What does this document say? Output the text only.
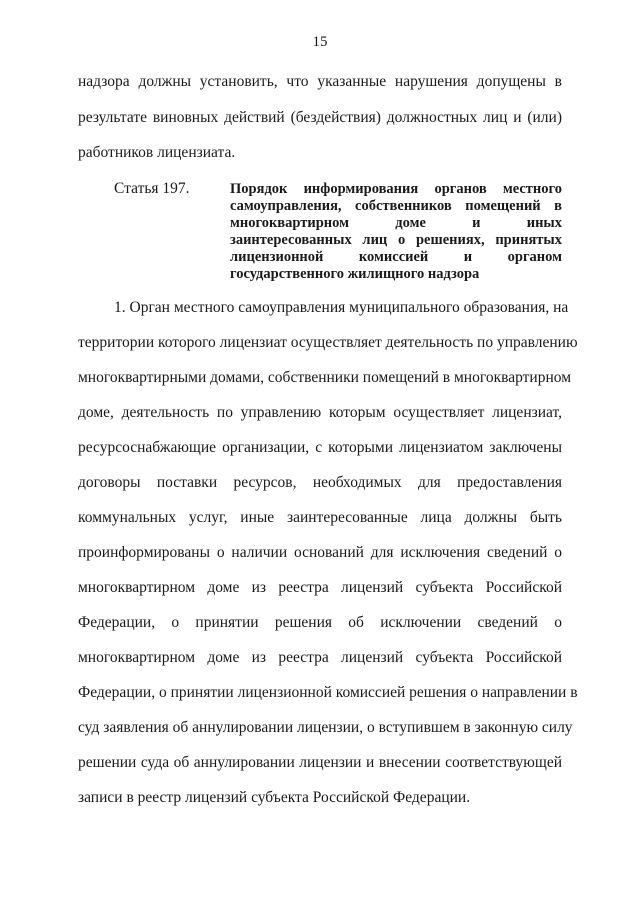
15
надзора должны установить, что указанные нарушения допущены в
результате виновных действий (бездействия) должностных лиц и (или)
работников лицензиата.
Статья 197.	Порядок информирования органов местного
самоуправления, собственников помещений в
многоквартирном доме и иных
заинтересованных лиц о решениях, принятых
лицензионной комиссией и органом
государственного жилищного надзора
1. Орган местного самоуправления муниципального образования, на
территории которого лицензиат осуществляет деятельность по управлению
многоквартирными домами, собственники помещений в многоквартирном
доме, деятельность по управлению которым осуществляет лицензиат,
ресурсоснабжающие организации, с которыми лицензиатом заключены
договоры поставки ресурсов, необходимых для предоставления
коммунальных услуг, иные заинтересованные лица должны быть
проинформированы о наличии оснований для исключения сведений о
многоквартирном доме из реестра лицензий субъекта Российской
Федерации, о принятии решения об исключении сведений о
многоквартирном доме из реестра лицензий субъекта Российской
Федерации, о принятии лицензионной комиссией решения о направлении в
суд заявления об аннулировании лицензии, о вступившем в законную силу
решении суда об аннулировании лицензии и внесении соответствующей
записи в реестр лицензий субъекта Российской Федерации.
